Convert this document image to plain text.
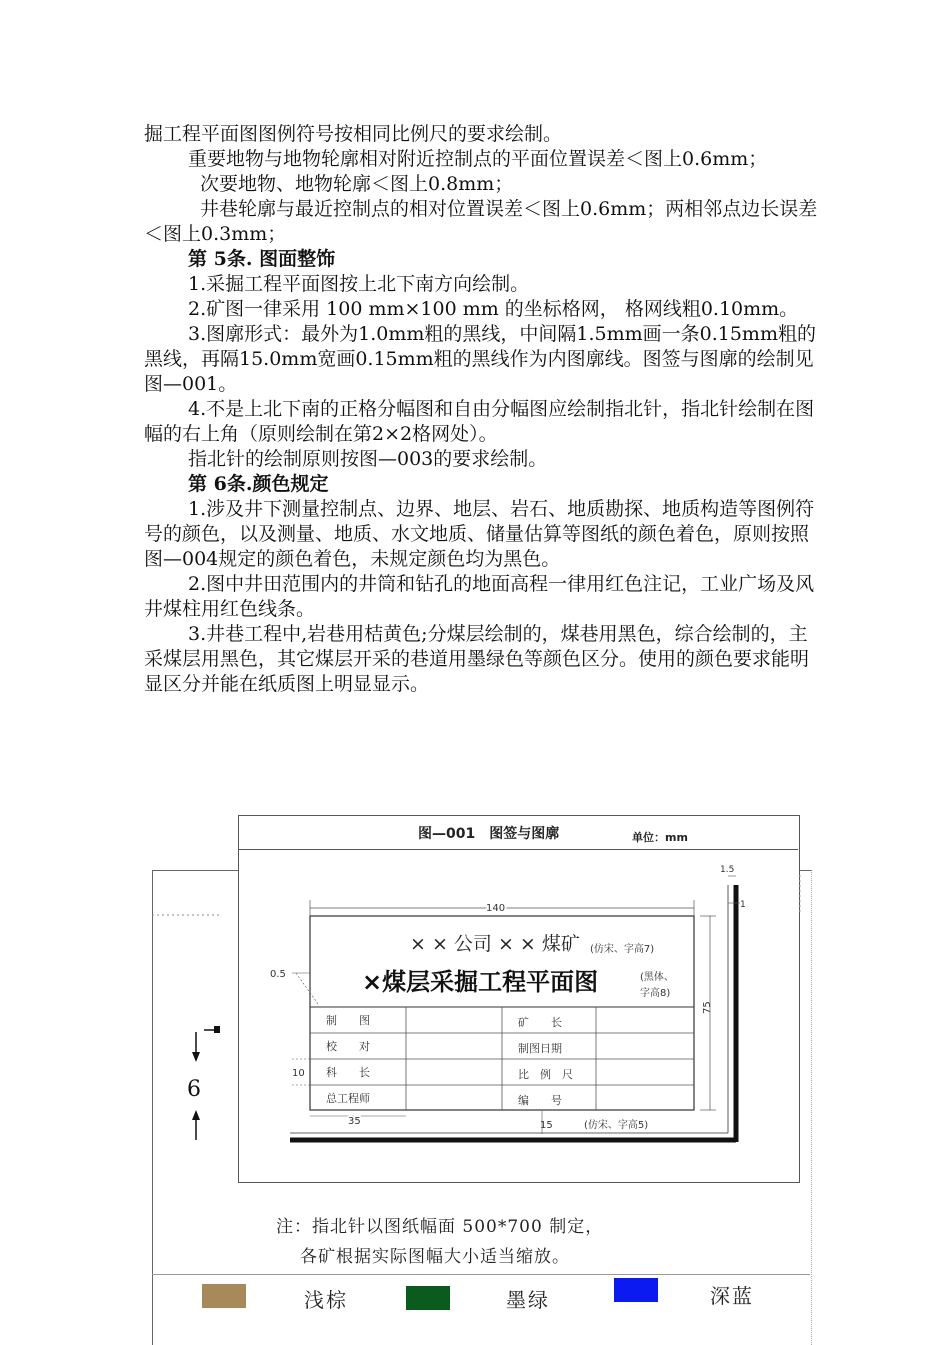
掘工程平面图图例符号按相同比例尺的要求绘制。

重要地物与地物轮廓相对附近控制点的平面位置误差＜图上0.6mm；

次要地物、地物轮廓＜图上0.8mm；

井巷轮廓与最近控制点的相对位置误差＜图上0.6mm；两相邻点边长误差＜图上0.3mm；

第 5条. 图面整饰

1.采掘工程平面图按上北下南方向绘制。

2.矿图一律采用 100 mm×100 mm 的坐标格网， 格网线粗0.10mm。

3.图廓形式：最外为1.0mm粗的黑线，中间隔1.5mm画一条0.15mm粗的黑线，再隔15.0mm宽画0.15mm粗的黑线作为内图廓线。图签与图廓的绘制见图—001。

4.不是上北下南的正格分幅图和自由分幅图应绘制指北针，指北针绘制在图幅的右上角（原则绘制在第2×2格网处）。

指北针的绘制原则按图—003的要求绘制。

第 6条.颜色规定

1.涉及井下测量控制点、边界、地层、岩石、地质勘探、地质构造等图例符号的颜色，以及测量、地质、水文地质、储量估算等图纸的颜色着色，原则按照图—004规定的颜色着色，未规定颜色均为黑色。

2.图中井田范围内的井筒和钻孔的地面高程一律用红色注记，工业广场及风井煤柱用红色线条。

3.井巷工程中,岩巷用桔黄色;分煤层绘制的，煤巷用黑色，综合绘制的，主采煤层用黑色，其它煤层开采的巷道用墨绿色等颜色区分。使用的颜色要求能明显区分并能在纸质图上明显显示。

图—001　图签与图廓	单位：mm
140
75
1.5
1
0.5
10
35	15
6
× × 公司 × × 煤矿 (仿宋、字高7)
×煤层采掘工程平面图	(黑体、
字高8)
制　　图	矿　　长
校　　对	制图日期
科　　长	比　例　尺
总工程师	编　　号
(仿宋、字高5)
注：指北针以图纸幅面 500*700 制定，
各矿根据实际图幅大小适当缩放。
浅棕	墨绿	深蓝
